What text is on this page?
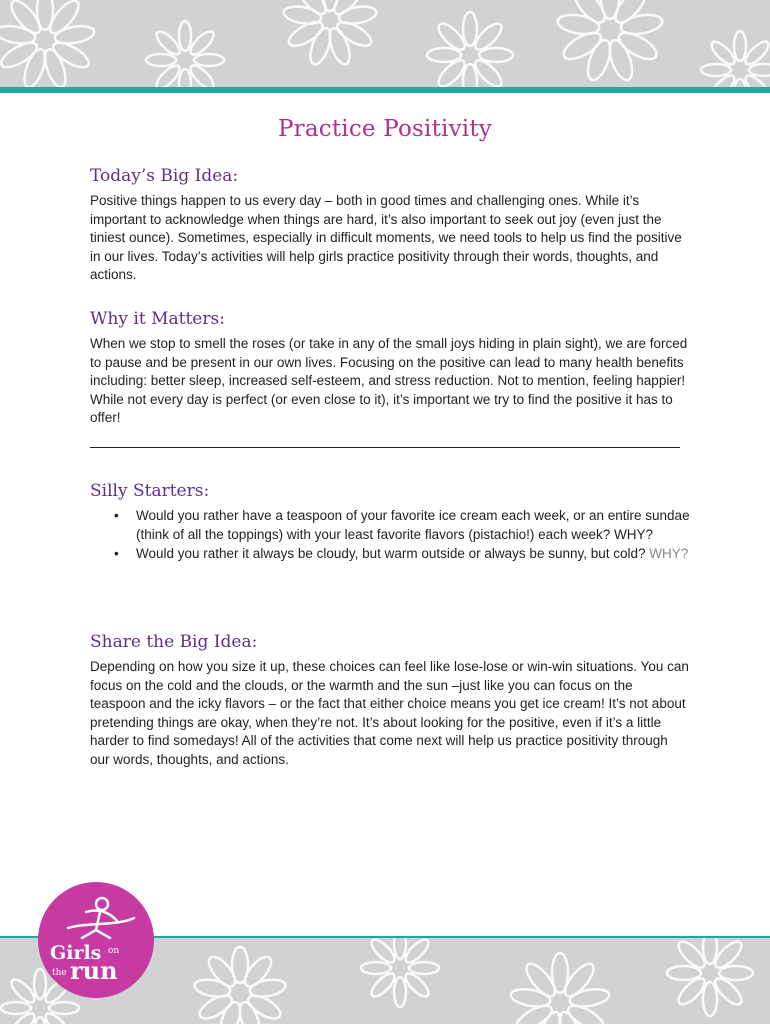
Practice Positivity
Today’s Big Idea:

Positive things happen to us every day – both in good times and challenging ones. While it’s important to acknowledge when things are hard, it’s also important to seek out joy (even just the tiniest ounce). Sometimes, especially in difficult moments, we need tools to help us find the positive in our lives. Today’s activities will help girls practice positivity through their words, thoughts, and actions.

Why it Matters:

When we stop to smell the roses (or take in any of the small joys hiding in plain sight), we are forced to pause and be present in our own lives. Focusing on the positive can lead to many health benefits including: better sleep, increased self-esteem, and stress reduction. Not to mention, feeling happier! While not every day is perfect (or even close to it), it’s important we try to find the positive it has to offer!

Silly Starters:
• Would you rather have a teaspoon of your favorite ice cream each week, or an entire sundae (think of all the toppings) with your least favorite flavors (pistachio!) each week? WHY?
• Would you rather it always be cloudy, but warm outside or always be sunny, but cold? WHY?
Share the Big Idea:

Depending on how you size it up, these choices can feel like lose-lose or win-win situations. You can focus on the cold and the clouds, or the warmth and the sun –just like you can focus on the teaspoon and the icky flavors – or the fact that either choice means you get ice cream! It’s not about pretending things are okay, when they’re not. It’s about looking for the positive, even if it’s a little harder to find somedays! All of the activities that come next will help us practice positivity through our words, thoughts, and actions.

Girls on
the run
